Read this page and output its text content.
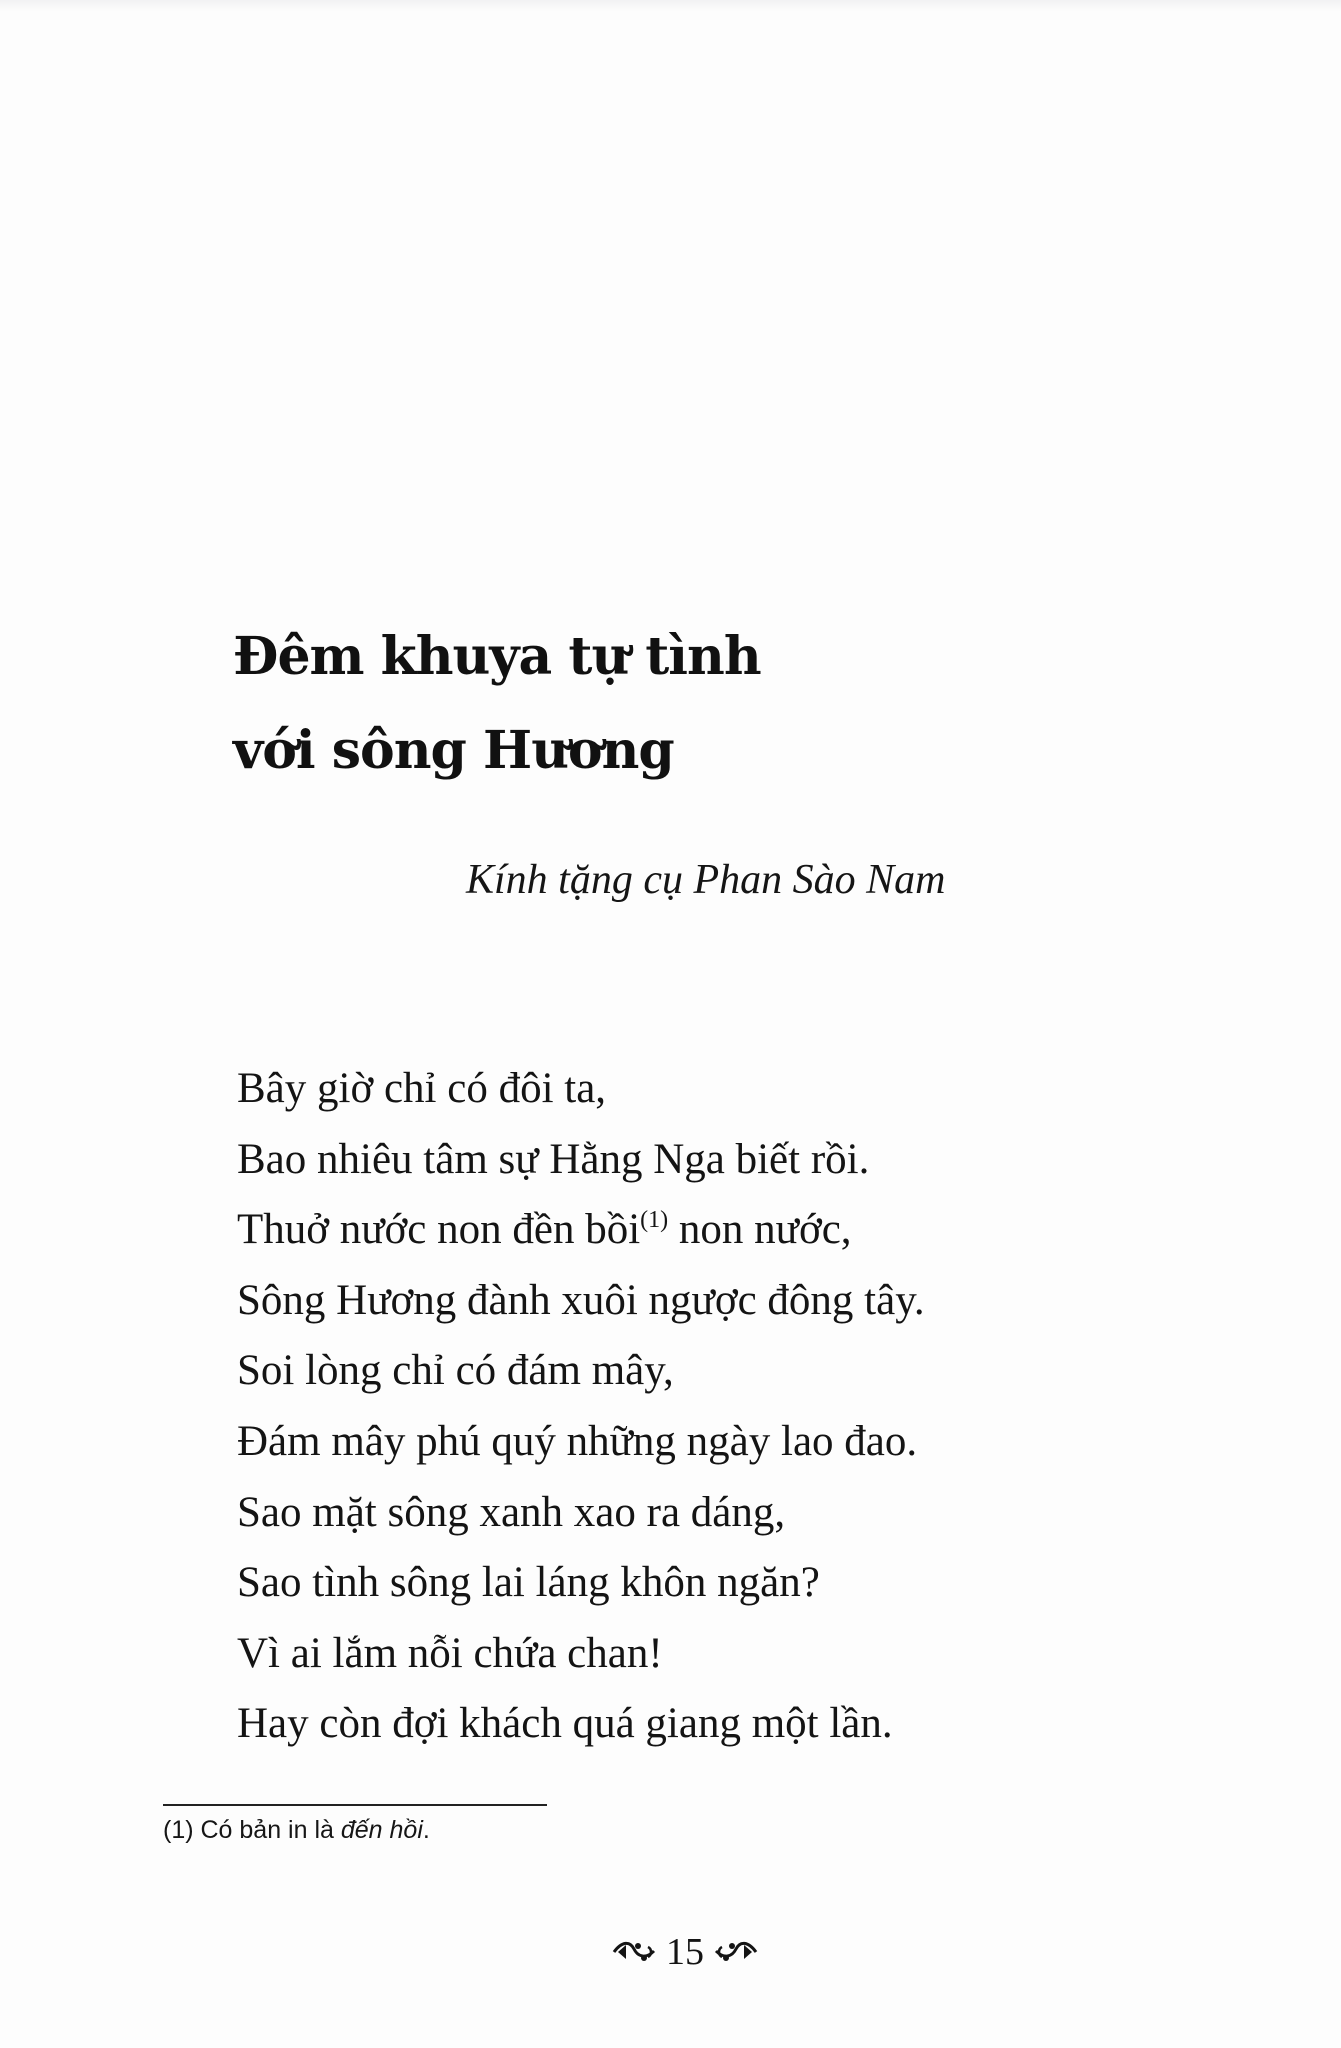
Đêm khuya tự tình
với sông Hương
Kính tặng cụ Phan Sào Nam
Bây giờ chỉ có đôi ta,
Bao nhiêu tâm sự Hằng Nga biết rồi.
Thuở nước non đền bồi$^{(1)}$ non nước,
Sông Hương đành xuôi ngược đông tây.
Soi lòng chỉ có đám mây,
Đám mây phú quý những ngày lao đao.
Sao mặt sông xanh xao ra dáng,
Sao tình sông lai láng khôn ngăn?
Vì ai lắm nỗi chứa chan!
Hay còn đợi khách quá giang một lần.
(1) Có bản in là đến hồi.
15
